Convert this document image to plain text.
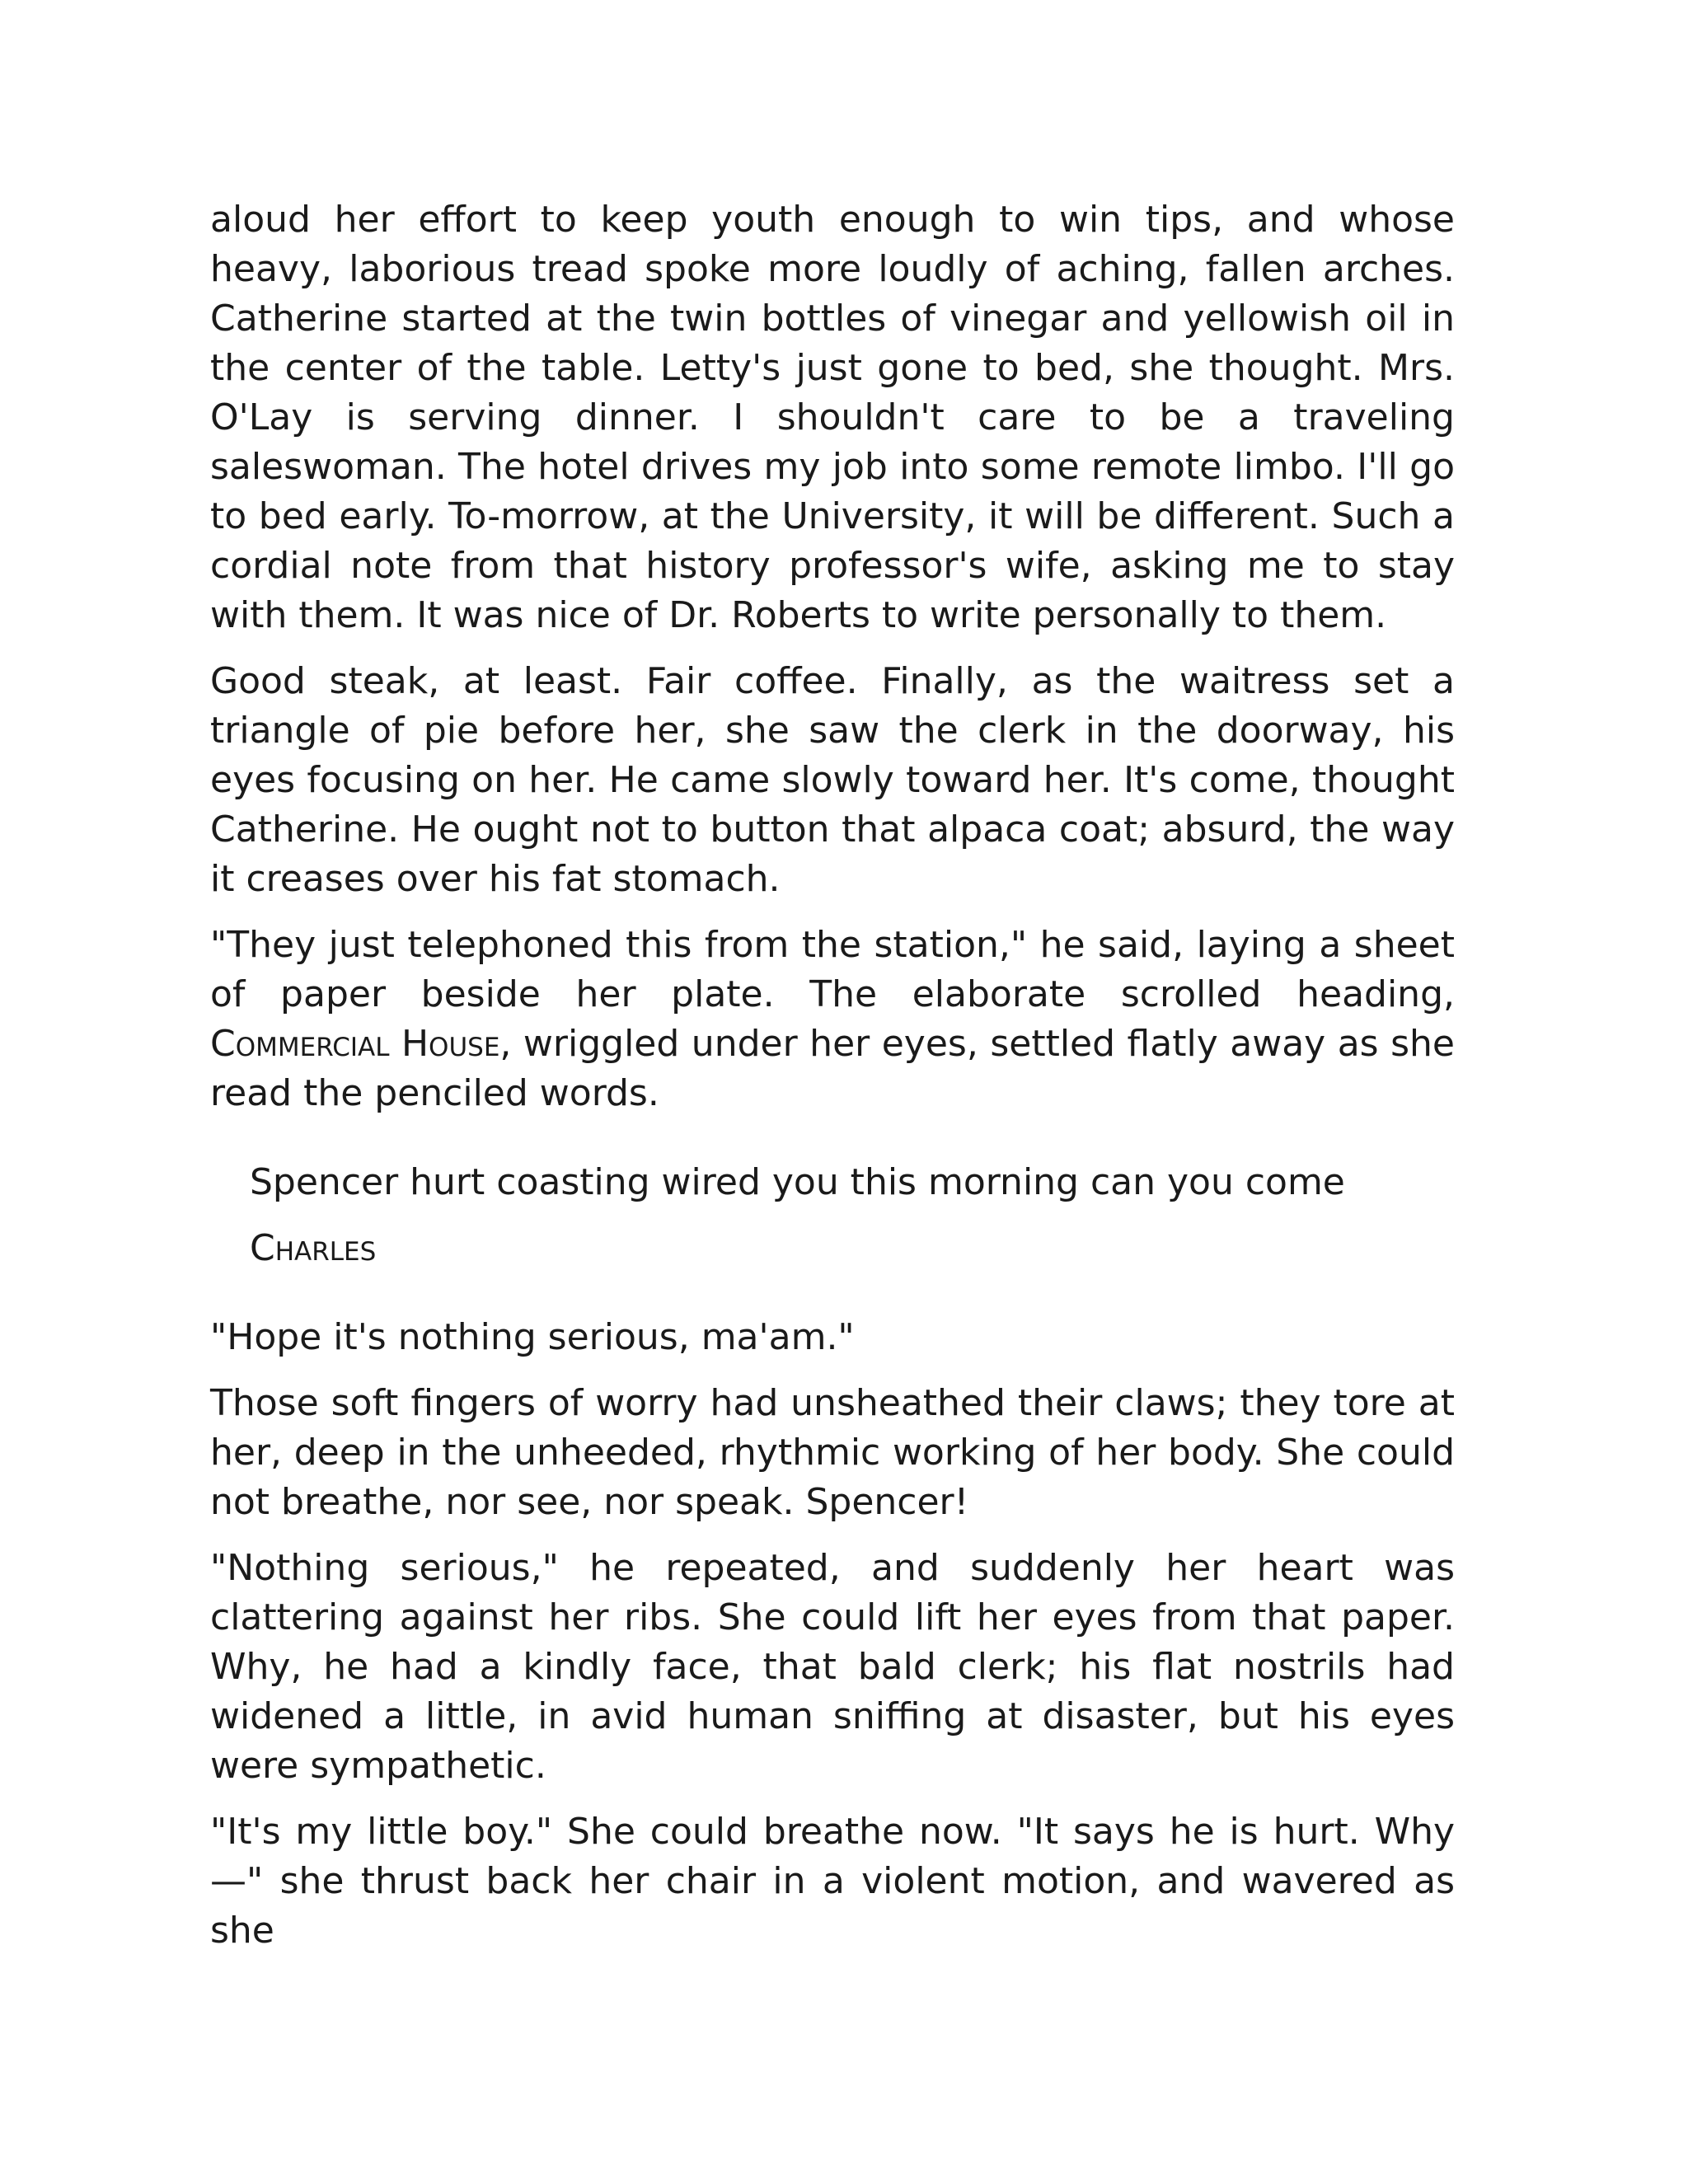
aloud her effort to keep youth enough to win tips, and whose heavy, laborious tread spoke more loudly of aching, fallen arches. Catherine started at the twin bottles of vinegar and yellowish oil in the center of the table. Letty's just gone to bed, she thought. Mrs. O'Lay is serving dinner. I shouldn't care to be a traveling saleswoman. The hotel drives my job into some remote limbo. I'll go to bed early. To-morrow, at the University, it will be different. Such a cordial note from that history professor's wife, asking me to stay with them. It was nice of Dr. Roberts to write personally to them.

Good steak, at least. Fair coffee. Finally, as the waitress set a triangle of pie before her, she saw the clerk in the doorway, his eyes focusing on her. He came slowly toward her. It's come, thought Catherine. He ought not to button that alpaca coat; absurd, the way it creases over his fat stomach.

"They just telephoned this from the station," he said, laying a sheet of paper beside her plate. The elaborate scrolled heading, Commercial House, wriggled under her eyes, settled flatly away as she read the penciled words.

Spencer hurt coasting wired you this morning can you come

Charles

"Hope it's nothing serious, ma'am."

Those soft fingers of worry had unsheathed their claws; they tore at her, deep in the unheeded, rhythmic working of her body. She could not breathe, nor see, nor speak. Spencer!

"Nothing serious," he repeated, and suddenly her heart was clattering against her ribs. She could lift her eyes from that paper. Why, he had a kindly face, that bald clerk; his flat nostrils had widened a little, in avid human sniffing at disaster, but his eyes were sympathetic.

"It's my little boy." She could breathe now. "It says he is hurt. Why—" she thrust back her chair in a violent motion, and wavered as she
